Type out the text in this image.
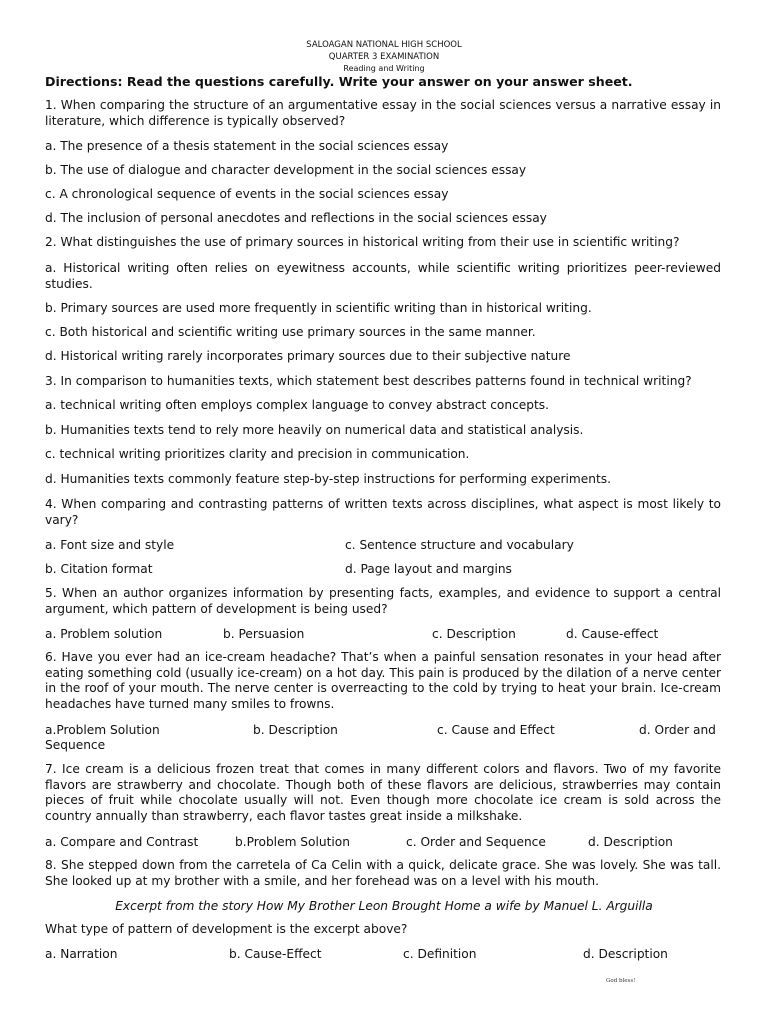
SALOAGAN NATIONAL HIGH SCHOOL
QUARTER 3 EXAMINATION
Reading and Writing
Directions: Read the questions carefully. Write your answer on your answer sheet.
1. When comparing the structure of an argumentative essay in the social sciences versus a narrative essay in literature, which difference is typically observed?
a. The presence of a thesis statement in the social sciences essay
b. The use of dialogue and character development in the social sciences essay
c. A chronological sequence of events in the social sciences essay
d. The inclusion of personal anecdotes and reflections in the social sciences essay
2. What distinguishes the use of primary sources in historical writing from their use in scientific writing?
a. Historical writing often relies on eyewitness accounts, while scientific writing prioritizes peer-reviewed studies.
b. Primary sources are used more frequently in scientific writing than in historical writing.
c. Both historical and scientific writing use primary sources in the same manner.
d. Historical writing rarely incorporates primary sources due to their subjective nature
3. In comparison to humanities texts, which statement best describes patterns found in technical writing?
a. technical writing often employs complex language to convey abstract concepts.
b. Humanities texts tend to rely more heavily on numerical data and statistical analysis.
c. technical writing prioritizes clarity and precision in communication.
d. Humanities texts commonly feature step-by-step instructions for performing experiments.
4. When comparing and contrasting patterns of written texts across disciplines, what aspect is most likely to vary?
a. Font size and style	c. Sentence structure and vocabulary
b. Citation format	d. Page layout and margins
5. When an author organizes information by presenting facts, examples, and evidence to support a central argument, which pattern of development is being used?
a. Problem solution	b. Persuasion	c. Description	d. Cause-effect
6. Have you ever had an ice-cream headache? That’s when a painful sensation resonates in your head after eating something cold (usually ice-cream) on a hot day. This pain is produced by the dilation of a nerve center in the roof of your mouth. The nerve center is overreacting to the cold by trying to heat your brain. Ice-cream headaches have turned many smiles to frowns.
a.Problem Solution	b. Description	c. Cause and Effect	d. Order and
Sequence
7. Ice cream is a delicious frozen treat that comes in many different colors and flavors. Two of my favorite flavors are strawberry and chocolate. Though both of these flavors are delicious, strawberries may contain pieces of fruit while chocolate usually will not. Even though more chocolate ice cream is sold across the country annually than strawberry, each flavor tastes great inside a milkshake.
a. Compare and Contrast	b.Problem Solution	c. Order and Sequence	d. Description
8. She stepped down from the carretela of Ca Celin with a quick, delicate grace. She was lovely. She was tall. She looked up at my brother with a smile, and her forehead was on a level with his mouth.
Excerpt from the story How My Brother Leon Brought Home a wife by Manuel L. Arguilla
What type of pattern of development is the excerpt above?
a. Narration	b. Cause-Effect	c. Definition	d. Description
God bless!
